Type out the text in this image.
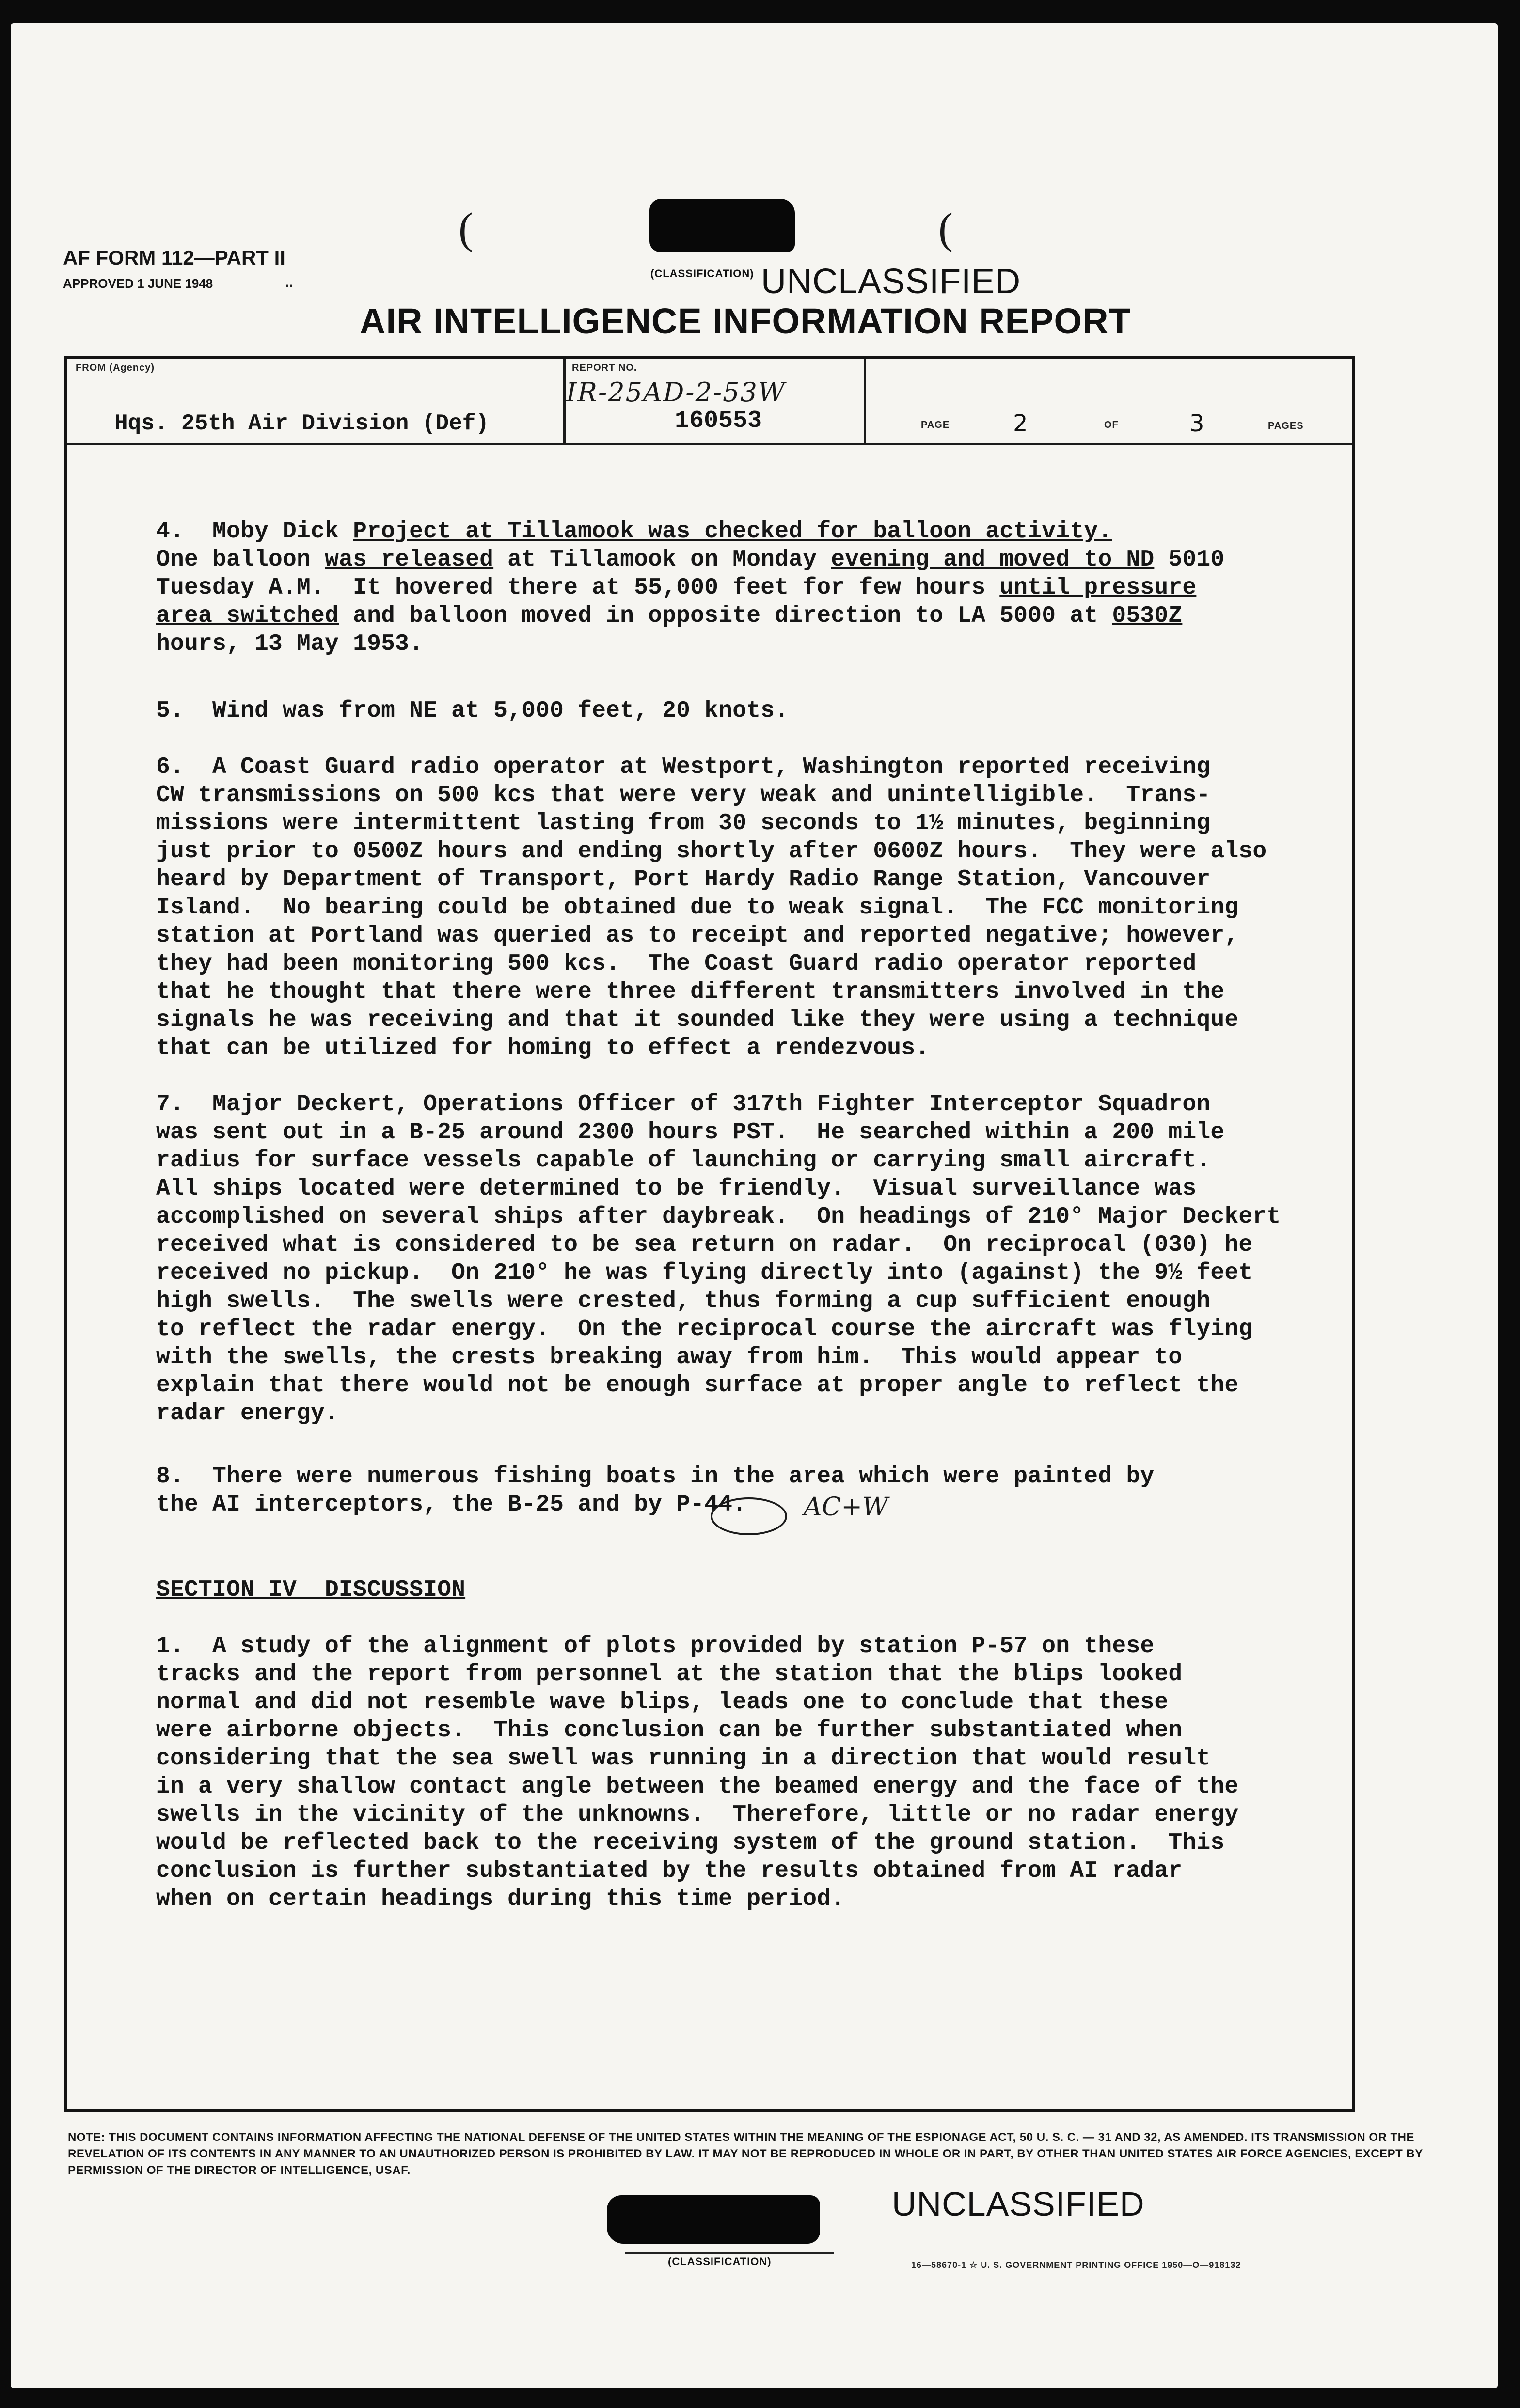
AF FORM 112—PART II
APPROVED 1 JUNE 1948	..
(	(
(CLASSIFICATION) UNCLASSIFIED
AIR INTELLIGENCE INFORMATION REPORT
FROM (Agency)
Hqs. 25th Air Division (Def)
REPORT NO.
IR-25AD-2-53W
160553	PAGE	2	OF	3	PAGES

4.  Moby Dick Project at Tillamook was checked for balloon activity.
One balloon was released at Tillamook on Monday evening and moved to ND 5010
Tuesday A.M.  It hovered there at 55,000 feet for few hours until pressure
area switched and balloon moved in opposite direction to LA 5000 at 0530Z
hours, 13 May 1953.

5.  Wind was from NE at 5,000 feet, 20 knots.

6.  A Coast Guard radio operator at Westport, Washington reported receiving
CW transmissions on 500 kcs that were very weak and unintelligible.  Trans-
missions were intermittent lasting from 30 seconds to 1½ minutes, beginning
just prior to 0500Z hours and ending shortly after 0600Z hours.  They were also
heard by Department of Transport, Port Hardy Radio Range Station, Vancouver
Island.  No bearing could be obtained due to weak signal.  The FCC monitoring
station at Portland was queried as to receipt and reported negative; however,
they had been monitoring 500 kcs.  The Coast Guard radio operator reported
that he thought that there were three different transmitters involved in the
signals he was receiving and that it sounded like they were using a technique
that can be utilized for homing to effect a rendezvous.

7.  Major Deckert, Operations Officer of 317th Fighter Interceptor Squadron
was sent out in a B-25 around 2300 hours PST.  He searched within a 200 mile
radius for surface vessels capable of launching or carrying small aircraft.
All ships located were determined to be friendly.  Visual surveillance was
accomplished on several ships after daybreak.  On headings of 210° Major Deckert
received what is considered to be sea return on radar.  On reciprocal (030) he
received no pickup.  On 210° he was flying directly into (against) the 9½ feet
high swells.  The swells were crested, thus forming a cup sufficient enough
to reflect the radar energy.  On the reciprocal course the aircraft was flying
with the swells, the crests breaking away from him.  This would appear to
explain that there would not be enough surface at proper angle to reflect the
radar energy.

8.  There were numerous fishing boats in the area which were painted by
the AI interceptors, the B-25 and by P-44.

SECTION IV  DISCUSSION

1.  A study of the alignment of plots provided by station P-57 on these
tracks and the report from personnel at the station that the blips looked
normal and did not resemble wave blips, leads one to conclude that these
were airborne objects.  This conclusion can be further substantiated when
considering that the sea swell was running in a direction that would result
in a very shallow contact angle between the beamed energy and the face of the
swells in the vicinity of the unknowns.  Therefore, little or no radar energy
would be reflected back to the receiving system of the ground station.  This
conclusion is further substantiated by the results obtained from AI radar
when on certain headings during this time period.

AC+W
NOTE: THIS DOCUMENT CONTAINS INFORMATION AFFECTING THE NATIONAL DEFENSE OF THE UNITED STATES WITHIN THE MEANING OF THE ESPIONAGE ACT, 50 U. S. C. — 31 AND 32, AS AMENDED. ITS TRANSMISSION OR THE REVELATION OF ITS CONTENTS IN ANY MANNER TO AN UNAUTHORIZED PERSON IS PROHIBITED BY LAW. IT MAY NOT BE REPRODUCED IN WHOLE OR IN PART, BY OTHER THAN UNITED STATES AIR FORCE AGENCIES, EXCEPT BY PERMISSION OF THE DIRECTOR OF INTELLIGENCE, USAF.
UNCLASSIFIED
(CLASSIFICATION)	16—58670-1 ☆ U. S. GOVERNMENT PRINTING OFFICE 1950—O—918132
